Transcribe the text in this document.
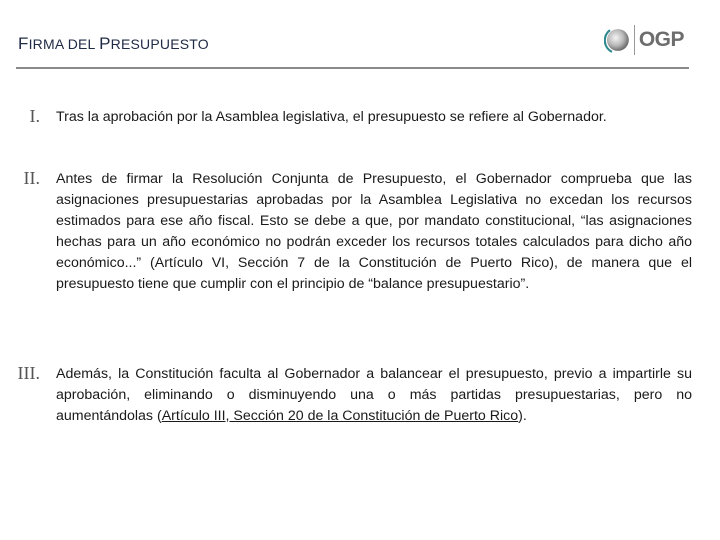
FIRMA DEL PRESUPUESTO	OGP
I. Tras la aprobación por la Asamblea legislativa, el presupuesto se refiere al Gobernador.
II. Antes de firmar la Resolución Conjunta de Presupuesto, el Gobernador comprueba que las asignaciones presupuestarias aprobadas por la Asamblea Legislativa no excedan los recursos estimados para ese año fiscal. Esto se debe a que, por mandato constitucional, “las asignaciones hechas para un año económico no podrán exceder los recursos totales calculados para dicho año económico...” (Artículo VI, Sección 7 de la Constitución de Puerto Rico), de manera que el presupuesto tiene que cumplir con el principio de “balance presupuestario”.
III. Además, la Constitución faculta al Gobernador a balancear el presupuesto, previo a impartirle su aprobación, eliminando o disminuyendo una o más partidas presupuestarias, pero no aumentándolas (Artículo III, Sección 20 de la Constitución de Puerto Rico).
